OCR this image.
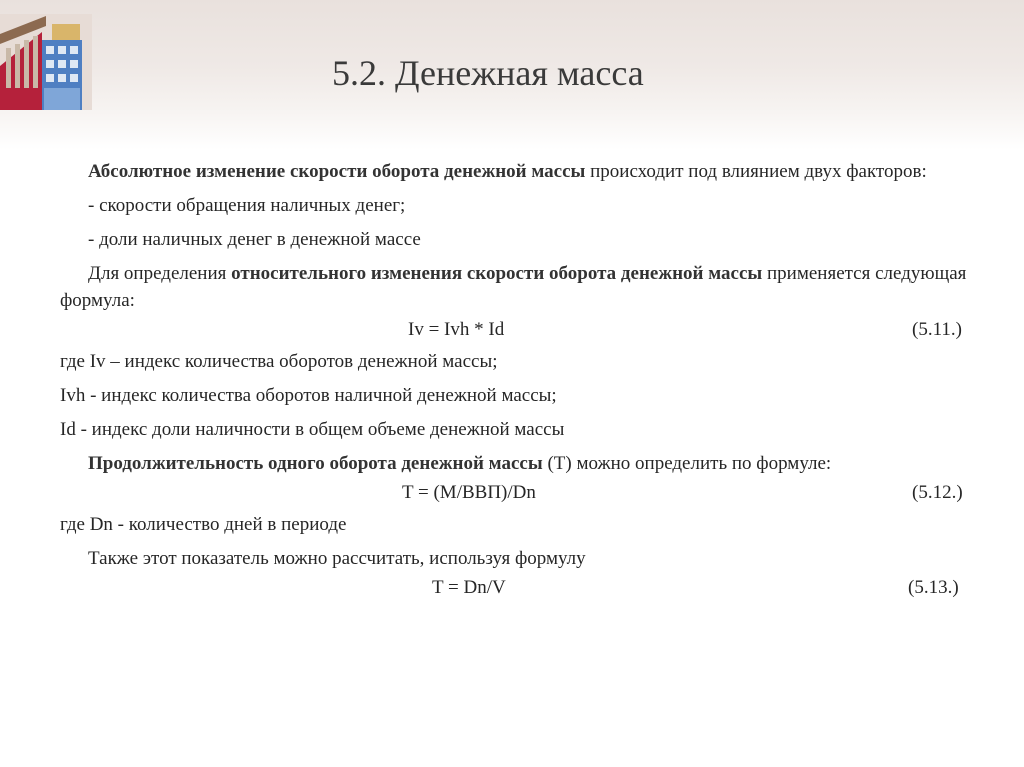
5.2. Денежная масса

Абсолютное изменение скорости оборота денежной массы происходит под влиянием двух факторов:

- скорости обращения наличных денег;

- доли наличных денег в денежной массе

Для определения относительного изменения скорости оборота денежной массы применяется следующая формула:

Iv = Ivh * Id	(5.11.)

где Iv – индекс количества оборотов денежной массы;

Ivh - индекс количества оборотов наличной денежной массы;

Id - индекс доли наличности в общем объеме денежной массы

Продолжительность одного оборота денежной массы (Т) можно определить по формуле:

T = (M/ВВП)/Dn	(5.12.)

где Dn - количество дней в периоде

Также этот показатель можно рассчитать, используя формулу

T = Dn/V	(5.13.)
